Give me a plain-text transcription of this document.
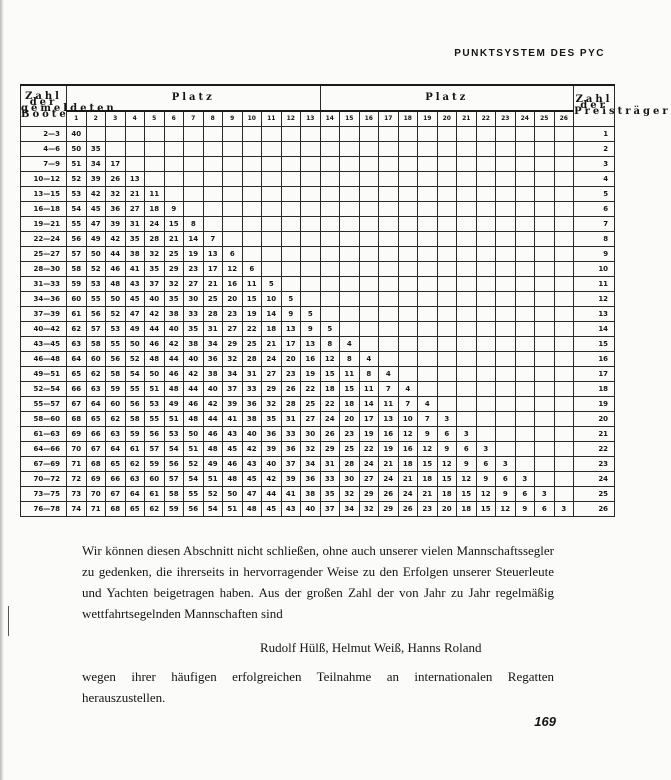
PUNKTSYSTEM DES PYC
Zahl der gemeldeten Boote	Platz													Platz													Zahl der Preisträger
	1	2	3	4	5	6	7	8	9	10	11	12	13	14	15	16	17	18	19	20	21	22	23	24	25	26	
2—3	40																										1
4—6	50	35																									2
7—9	51	34	17																								3
10—12	52	39	26	13																							4
13—15	53	42	32	21	11																						5
16—18	54	45	36	27	18	9																					6
19—21	55	47	39	31	24	15	8																				7
22—24	56	49	42	35	28	21	14	7																			8
25—27	57	50	44	38	32	25	19	13	6																		9
28—30	58	52	46	41	35	29	23	17	12	6																	10
31—33	59	53	48	43	37	32	27	21	16	11	5																11
34—36	60	55	50	45	40	35	30	25	20	15	10	5															12
37—39	61	56	52	47	42	38	33	28	23	19	14	9	5														13
40—42	62	57	53	49	44	40	35	31	27	22	18	13	9	5													14
43—45	63	58	55	50	46	42	38	34	29	25	21	17	13	8	4												15
46—48	64	60	56	52	48	44	40	36	32	28	24	20	16	12	8	4											16
49—51	65	62	58	54	50	46	42	38	34	31	27	23	19	15	11	8	4										17
52—54	66	63	59	55	51	48	44	40	37	33	29	26	22	18	15	11	7	4									18
55—57	67	64	60	56	53	49	46	42	39	36	32	28	25	22	18	14	11	7	4								19
58—60	68	65	62	58	55	51	48	44	41	38	35	31	27	24	20	17	13	10	7	3							20
61—63	69	66	63	59	56	53	50	46	43	40	36	33	30	26	23	19	16	12	9	6	3						21
64—66	70	67	64	61	57	54	51	48	45	42	39	36	32	29	25	22	19	16	12	9	6	3					22
67—69	71	68	65	62	59	56	52	49	46	43	40	37	34	31	28	24	21	18	15	12	9	6	3				23
70—72	72	69	66	63	60	57	54	51	48	45	42	39	36	33	30	27	24	21	18	15	12	9	6	3			24
73—75	73	70	67	64	61	58	55	52	50	47	44	41	38	35	32	29	26	24	21	18	15	12	9	6	3		25
76—78	74	71	68	65	62	59	56	54	51	48	45	43	40	37	34	32	29	26	23	20	18	15	12	9	6	3	26
Wir können diesen Abschnitt nicht schließen, ohne auch unserer vielen Mannschaftssegler zu gedenken, die ihrerseits in hervorragender Weise zu den Erfolgen unserer Steuerleute und Yachten beigetragen haben. Aus der großen Zahl der von Jahr zu Jahr regelmäßig wettfahrtsegelnden Mannschaften sind
Rudolf Hülß, Helmut Weiß, Hanns Roland
wegen ihrer häufigen erfolgreichen Teilnahme an internationalen Regatten herauszustellen.
169
